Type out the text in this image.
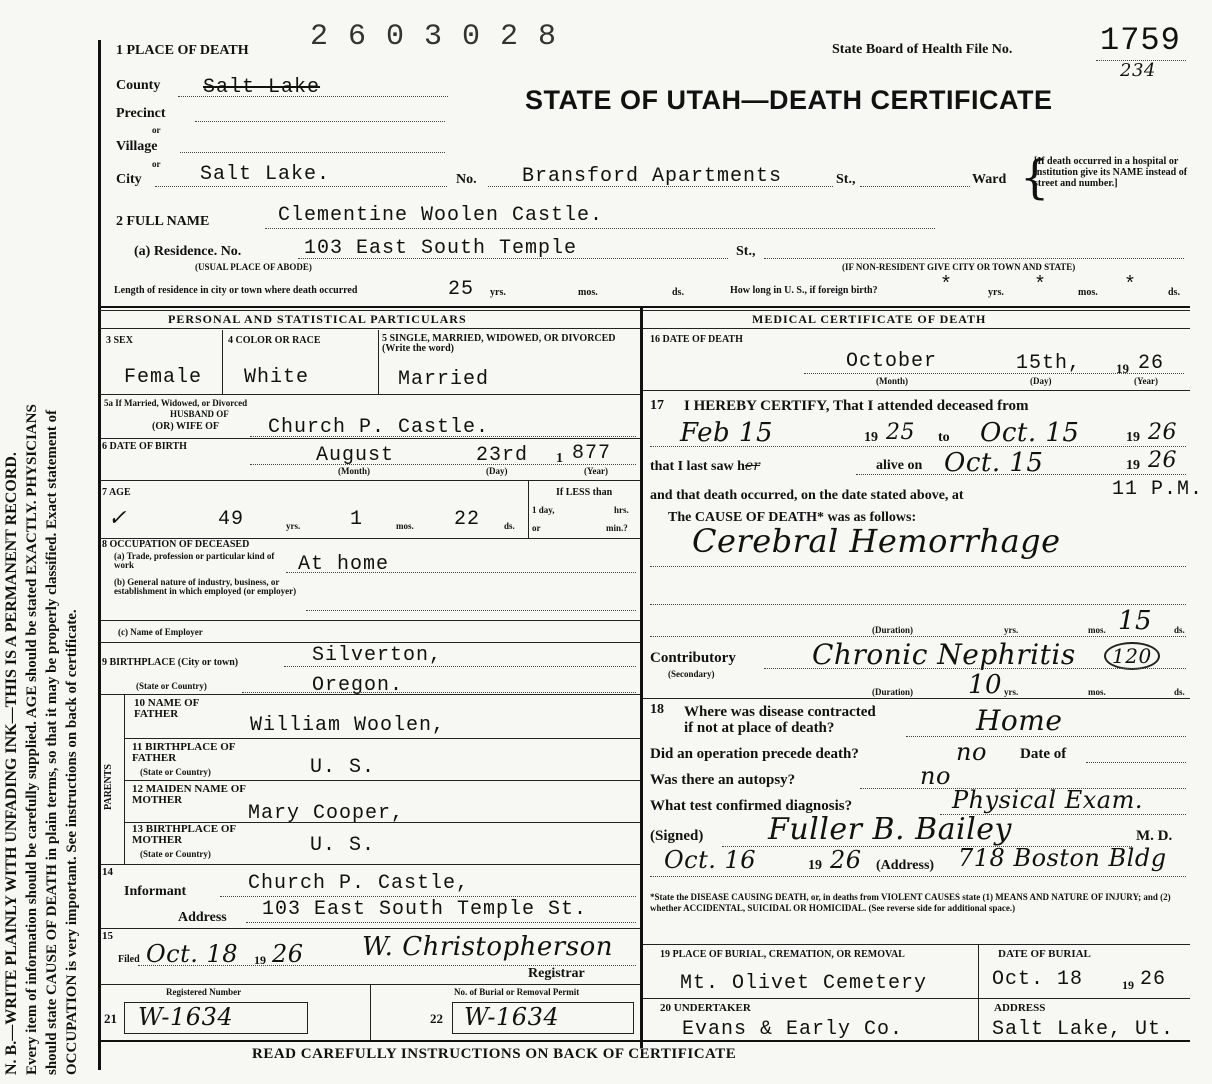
N. B.—WRITE PLAINLY WITH UNFADING INK—THIS IS A PERMANENT RECORD. Every item of information should be carefully supplied. AGE should be stated EXACTLY. PHYSICIANS should state CAUSE OF DEATH in plain terms, so that it may be properly classified. Exact statement of OCCUPATION is very important. See instructions on back of certificate.
2 6 0 3 0 2 8
1 PLACE OF DEATH	State Board of Health File No.	1759
234
STATE OF UTAH—DEATH CERTIFICATE
County Salt Lake
Precinct
or
Village
or
City	Salt Lake.	No. Bransford Apartments	St.,	Ward {
[If death occurred in a hospital or institution give its NAME instead of street and number.]
2 FULL NAME	Clementine Woolen Castle.
(a) Residence. No.	103 East South Temple	St.,
(USUAL PLACE OF ABODE)	(IF NON-RESIDENT GIVE CITY OR TOWN AND STATE)
Length of residence in city or town where death occurred	25 yrs.	mos.	ds.	How long in U. S., if foreign birth?	*	yrs. *	mos. *	ds.
PERSONAL AND STATISTICAL PARTICULARS	MEDICAL CERTIFICATE OF DEATH
3 SEX
Female
4 COLOR OR RACE
White
5 SINGLE, MARRIED, WIDOWED, OR DIVORCED (Write the word)
Married
5a If Married, Widowed, or Divorced
HUSBAND OF
(OR) WIFE OF Church P. Castle.
6 DATE OF BIRTH	August	23rd 1 877
(Month)	(Day)	(Year)
7 AGE
✓	49	yrs. 1	mos. 22	ds.
If LESS than
1 day,	hrs.
or	min.?
8 OCCUPATION OF DECEASED
(a) Trade, profession or particular kind of work
(b) General nature of industry, business, or establishment in which employed (or employer)
At home
(c) Name of Employer
9 BIRTHPLACE (City or town)	Silverton,
(State or Country)	Oregon.
PARENTS
10 NAME OF FATHER	William Woolen,
11 BIRTHPLACE OF FATHER
(State or Country)	U. S.
12 MAIDEN NAME OF MOTHER
Mary Cooper,
13 BIRTHPLACE OF MOTHER
(State or Country)	U. S.
14
Informant	Church P. Castle,
Address 103 East South Temple St.
15
Filed Oct. 18 19 26 W. Christopherson
Registrar
Registered Number	No. of Burial or Removal Permit
21 W-1634	22 W-1634
16 DATE OF DEATH
October	15th,	19 26
(Month)	(Day)	(Year)
17 I HEREBY CERTIFY, That I attended deceased from
Feb 15	19 25 to Oct. 15	19 26
that I last saw her	alive on Oct. 15	19 26
and that death occurred, on the date stated above, at	11 P.M.
The CAUSE OF DEATH* was as follows:
Cerebral Hemorrhage
(Duration)	yrs.	mos. 15 ds.
Contributory
(Secondary)
Chronic Nephritis	120
(Duration) 10 yrs.	mos.	ds.
18 Where was disease contracted
if not at place of death?	Home
Did an operation precede death?	no Date of
Was there an autopsy?	no
What test confirmed diagnosis?	Physical Exam.
(Signed) Fuller B. Bailey	M. D.
Oct. 16	19 26 (Address) 718 Boston Bldg
*State the DISEASE CAUSING DEATH, or, in deaths from VIOLENT CAUSES state (1) MEANS AND NATURE OF INJURY; and (2) whether ACCIDENTAL, SUICIDAL OR HOMICIDAL. (See reverse side for additional space.)
19 PLACE OF BURIAL, CREMATION, OR REMOVAL
Mt. Olivet Cemetery
DATE OF BURIAL
Oct. 18	19 26
20 UNDERTAKER
Evans & Early Co.
ADDRESS
Salt Lake, Ut.
READ CAREFULLY INSTRUCTIONS ON BACK OF CERTIFICATE
